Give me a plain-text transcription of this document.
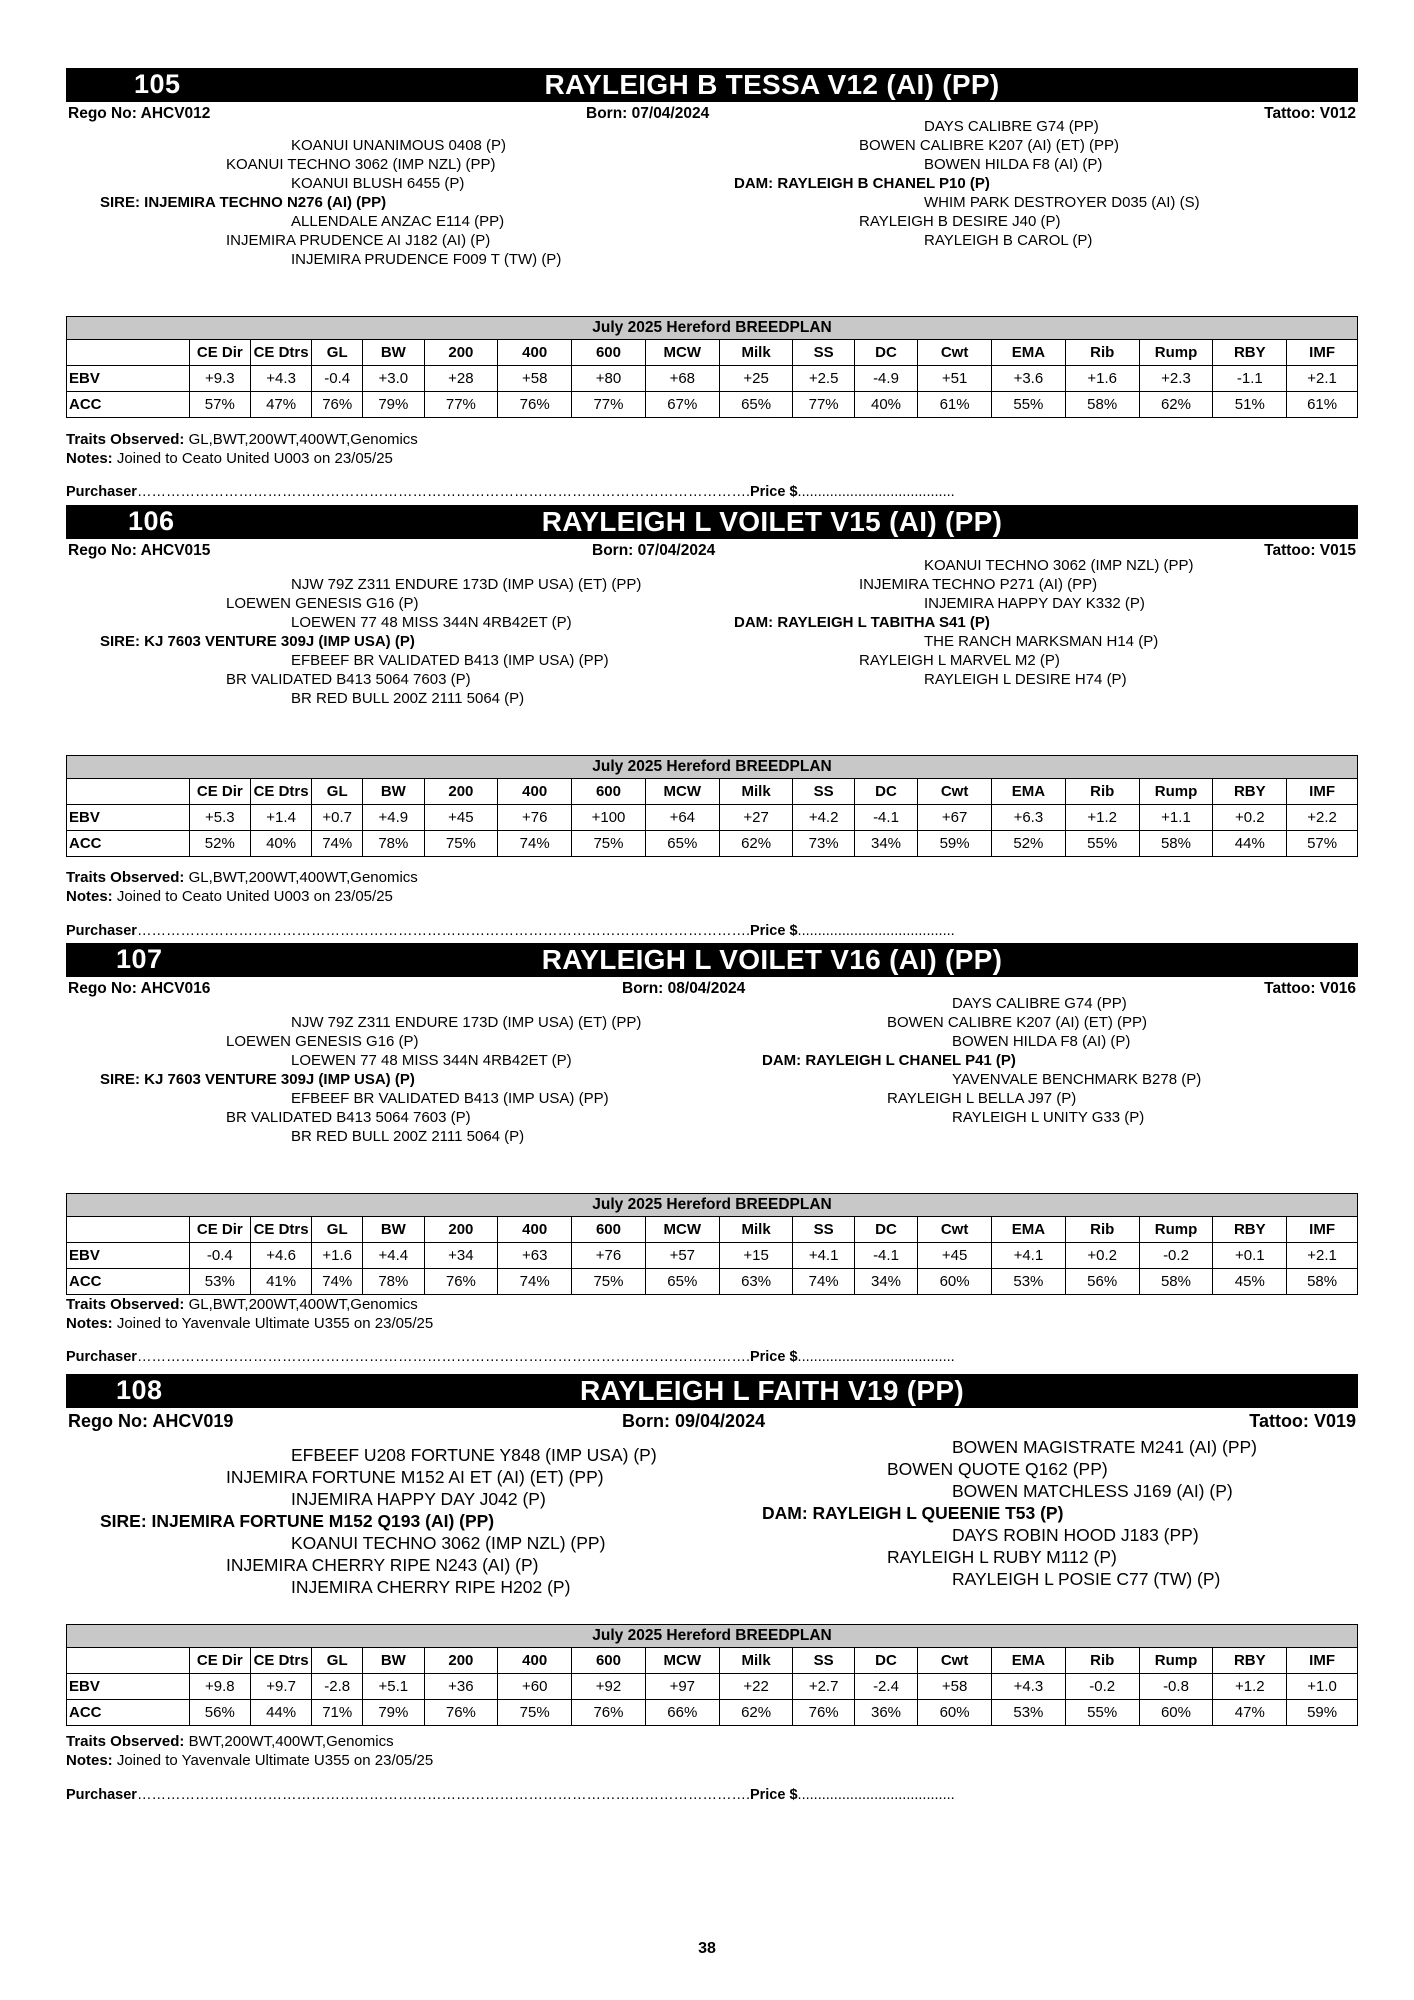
105	RAYLEIGH B TESSA V12 (AI) (PP)
Rego No: AHCV012	Born: 07/04/2024	Tattoo: V012
KOANUI UNANIMOUS 0408 (P)
KOANUI TECHNO 3062 (IMP NZL) (PP)
KOANUI BLUSH 6455 (P)
SIRE: INJEMIRA TECHNO N276 (AI) (PP)
ALLENDALE ANZAC E114 (PP)
INJEMIRA PRUDENCE AI J182 (AI) (P)
INJEMIRA PRUDENCE F009 T (TW) (P)
DAYS CALIBRE G74 (PP)
BOWEN CALIBRE K207 (AI) (ET) (PP)
BOWEN HILDA F8 (AI) (P)
DAM: RAYLEIGH B CHANEL P10 (P)
WHIM PARK DESTROYER D035 (AI) (S)
RAYLEIGH B DESIRE J40 (P)
RAYLEIGH B CAROL (P)
July 2025 Hereford BREEDPLAN																	
	CE Dir	CE Dtrs	GL	BW	200	400	600	MCW	Milk	SS	DC	Cwt	EMA	Rib	Rump	RBY	IMF
EBV	+9.3	+4.3	-0.4	+3.0	+28	+58	+80	+68	+25	+2.5	-4.9	+51	+3.6	+1.6	+2.3	-1.1	+2.1
ACC	57%	47%	76%	79%	77%	76%	77%	67%	65%	77%	40%	61%	55%	58%	62%	51%	61%
Traits Observed: GL,BWT,200WT,400WT,Genomics
Notes: Joined to Ceato United U003 on 23/05/25
Purchaser……………………………………………………………………………………………………………….Price $.......................................
106	RAYLEIGH L VOILET V15 (AI) (PP)
Rego No: AHCV015	Born: 07/04/2024	Tattoo: V015
NJW 79Z Z311 ENDURE 173D (IMP USA) (ET) (PP)
LOEWEN GENESIS G16 (P)
LOEWEN 77 48 MISS 344N 4RB42ET (P)
SIRE: KJ 7603 VENTURE 309J (IMP USA) (P)
EFBEEF BR VALIDATED B413 (IMP USA) (PP)
BR VALIDATED B413 5064 7603 (P)
BR RED BULL 200Z 2111 5064 (P)
KOANUI TECHNO 3062 (IMP NZL) (PP)
INJEMIRA TECHNO P271 (AI) (PP)
INJEMIRA HAPPY DAY K332 (P)
DAM: RAYLEIGH L TABITHA S41 (P)
THE RANCH MARKSMAN H14 (P)
RAYLEIGH L MARVEL M2 (P)
RAYLEIGH L DESIRE H74 (P)
July 2025 Hereford BREEDPLAN																	
	CE Dir	CE Dtrs	GL	BW	200	400	600	MCW	Milk	SS	DC	Cwt	EMA	Rib	Rump	RBY	IMF
EBV	+5.3	+1.4	+0.7	+4.9	+45	+76	+100	+64	+27	+4.2	-4.1	+67	+6.3	+1.2	+1.1	+0.2	+2.2
ACC	52%	40%	74%	78%	75%	74%	75%	65%	62%	73%	34%	59%	52%	55%	58%	44%	57%
Traits Observed: GL,BWT,200WT,400WT,Genomics
Notes: Joined to Ceato United U003 on 23/05/25
Purchaser……………………………………………………………………………………………………………….Price $.......................................
107	RAYLEIGH L VOILET V16 (AI) (PP)
Rego No: AHCV016	Born: 08/04/2024	Tattoo: V016
NJW 79Z Z311 ENDURE 173D (IMP USA) (ET) (PP)
LOEWEN GENESIS G16 (P)
LOEWEN 77 48 MISS 344N 4RB42ET (P)
SIRE: KJ 7603 VENTURE 309J (IMP USA) (P)
EFBEEF BR VALIDATED B413 (IMP USA) (PP)
BR VALIDATED B413 5064 7603 (P)
BR RED BULL 200Z 2111 5064 (P)
DAYS CALIBRE G74 (PP)
BOWEN CALIBRE K207 (AI) (ET) (PP)
BOWEN HILDA F8 (AI) (P)
DAM: RAYLEIGH L CHANEL P41 (P)
YAVENVALE BENCHMARK B278 (P)
RAYLEIGH L BELLA J97 (P)
RAYLEIGH L UNITY G33 (P)
July 2025 Hereford BREEDPLAN																	
	CE Dir	CE Dtrs	GL	BW	200	400	600	MCW	Milk	SS	DC	Cwt	EMA	Rib	Rump	RBY	IMF
EBV	-0.4	+4.6	+1.6	+4.4	+34	+63	+76	+57	+15	+4.1	-4.1	+45	+4.1	+0.2	-0.2	+0.1	+2.1
ACC	53%	41%	74%	78%	76%	74%	75%	65%	63%	74%	34%	60%	53%	56%	58%	45%	58%
Traits Observed: GL,BWT,200WT,400WT,Genomics
Notes: Joined to Yavenvale Ultimate U355 on 23/05/25
Purchaser……………………………………………………………………………………………………………….Price $.......................................
108	RAYLEIGH L FAITH V19 (PP)
Rego No: AHCV019	Born: 09/04/2024	Tattoo: V019
EFBEEF U208 FORTUNE Y848 (IMP USA) (P)
INJEMIRA FORTUNE M152 AI ET (AI) (ET) (PP)
INJEMIRA HAPPY DAY J042 (P)
SIRE: INJEMIRA FORTUNE M152 Q193 (AI) (PP)
KOANUI TECHNO 3062 (IMP NZL) (PP)
INJEMIRA CHERRY RIPE N243 (AI) (P)
INJEMIRA CHERRY RIPE H202 (P)
BOWEN MAGISTRATE M241 (AI) (PP)
BOWEN QUOTE Q162 (PP)
BOWEN MATCHLESS J169 (AI) (P)
DAM: RAYLEIGH L QUEENIE T53 (P)
DAYS ROBIN HOOD J183 (PP)
RAYLEIGH L RUBY M112 (P)
RAYLEIGH L POSIE C77 (TW) (P)
July 2025 Hereford BREEDPLAN																	
	CE Dir	CE Dtrs	GL	BW	200	400	600	MCW	Milk	SS	DC	Cwt	EMA	Rib	Rump	RBY	IMF
EBV	+9.8	+9.7	-2.8	+5.1	+36	+60	+92	+97	+22	+2.7	-2.4	+58	+4.3	-0.2	-0.8	+1.2	+1.0
ACC	56%	44%	71%	79%	76%	75%	76%	66%	62%	76%	36%	60%	53%	55%	60%	47%	59%
Traits Observed: BWT,200WT,400WT,Genomics
Notes: Joined to Yavenvale Ultimate U355 on 23/05/25
Purchaser……………………………………………………………………………………………………………….Price $.......................................
38
